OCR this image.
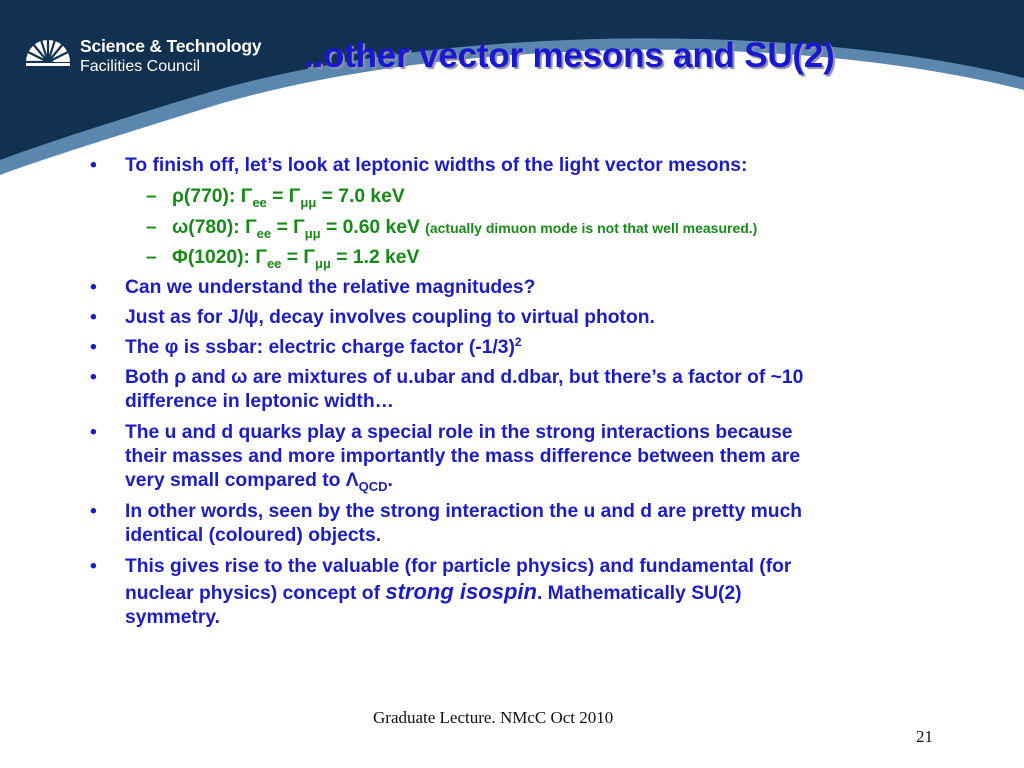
Science & Technology
Facilities Council	..other vector mesons and SU(2)
• To finish off, let’s look at leptonic widths of the light vector mesons:
– ρ(770): $\Gamma_{ee} = \Gamma_{\mu\mu} = 7.0$ keV
– ω(780): $\Gamma_{ee} = \Gamma_{\mu\mu} = 0.60$ keV (actually dimuon mode is not that well measured.)
– Φ(1020): $\Gamma_{ee} = \Gamma_{\mu\mu} = 1.2$ keV
• Can we understand the relative magnitudes?
• Just as for J/ψ, decay involves coupling to virtual photon.
• The φ is ssbar: electric charge factor $(-1/3)^2$
• Both ρ and ω are mixtures of u.ubar and d.dbar, but there’s a factor of ~10
difference in leptonic width…
• The u and d quarks play a special role in the strong interactions because
their masses and more importantly the mass difference between them are
very small compared to $\Lambda_{QCD}$.
• In other words, seen by the strong interaction the u and d are pretty much
identical (coloured) objects.
• This gives rise to the valuable (for particle physics) and fundamental (for
nuclear physics) concept of strong isospin. Mathematically SU(2)
symmetry.
Graduate Lecture. NMcC Oct 2010
21
